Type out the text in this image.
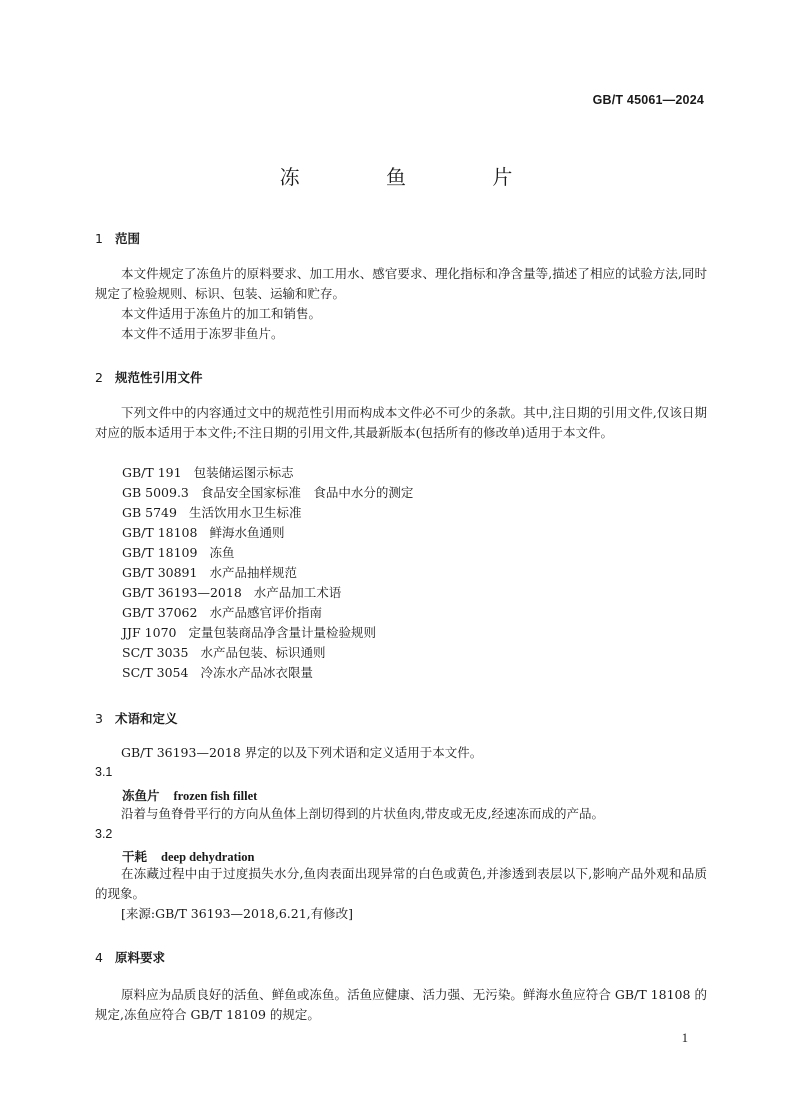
GB/T 45061—2024
冻 鱼 片
1 范围

本文件规定了冻鱼片的原料要求、加工用水、感官要求、理化指标和净含量等,描述了相应的试验方法,同时规定了检验规则、标识、包装、运输和贮存。

本文件适用于冻鱼片的加工和销售。

本文件不适用于冻罗非鱼片。

2 规范性引用文件

下列文件中的内容通过文中的规范性引用而构成本文件必不可少的条款。其中,注日期的引用文件,仅该日期对应的版本适用于本文件;不注日期的引用文件,其最新版本(包括所有的修改单)适用于本文件。

GB/T 191 包装储运图示标志
GB 5009.3 食品安全国家标准　食品中水分的测定
GB 5749 生活饮用水卫生标准
GB/T 18108 鲜海水鱼通则
GB/T 18109 冻鱼
GB/T 30891 水产品抽样规范
GB/T 36193—2018 水产品加工术语
GB/T 37062 水产品感官评价指南
JJF 1070 定量包装商品净含量计量检验规则
SC/T 3035 水产品包装、标识通则
SC/T 3054 冷冻水产品冰衣限量
3 术语和定义

GB/T 36193—2018 界定的以及下列术语和定义适用于本文件。

3.1
冻鱼片 frozen fish fillet

沿着与鱼脊骨平行的方向从鱼体上剖切得到的片状鱼肉,带皮或无皮,经速冻而成的产品。

3.2
干耗 deep dehydration

在冻藏过程中由于过度损失水分,鱼肉表面出现异常的白色或黄色,并渗透到表层以下,影响产品外观和品质的现象。

[来源:GB/T 36193—2018,6.21,有修改]

4 原料要求

原料应为品质良好的活鱼、鲜鱼或冻鱼。活鱼应健康、活力强、无污染。鲜海水鱼应符合 GB/T 18108 的规定,冻鱼应符合 GB/T 18109 的规定。

1
